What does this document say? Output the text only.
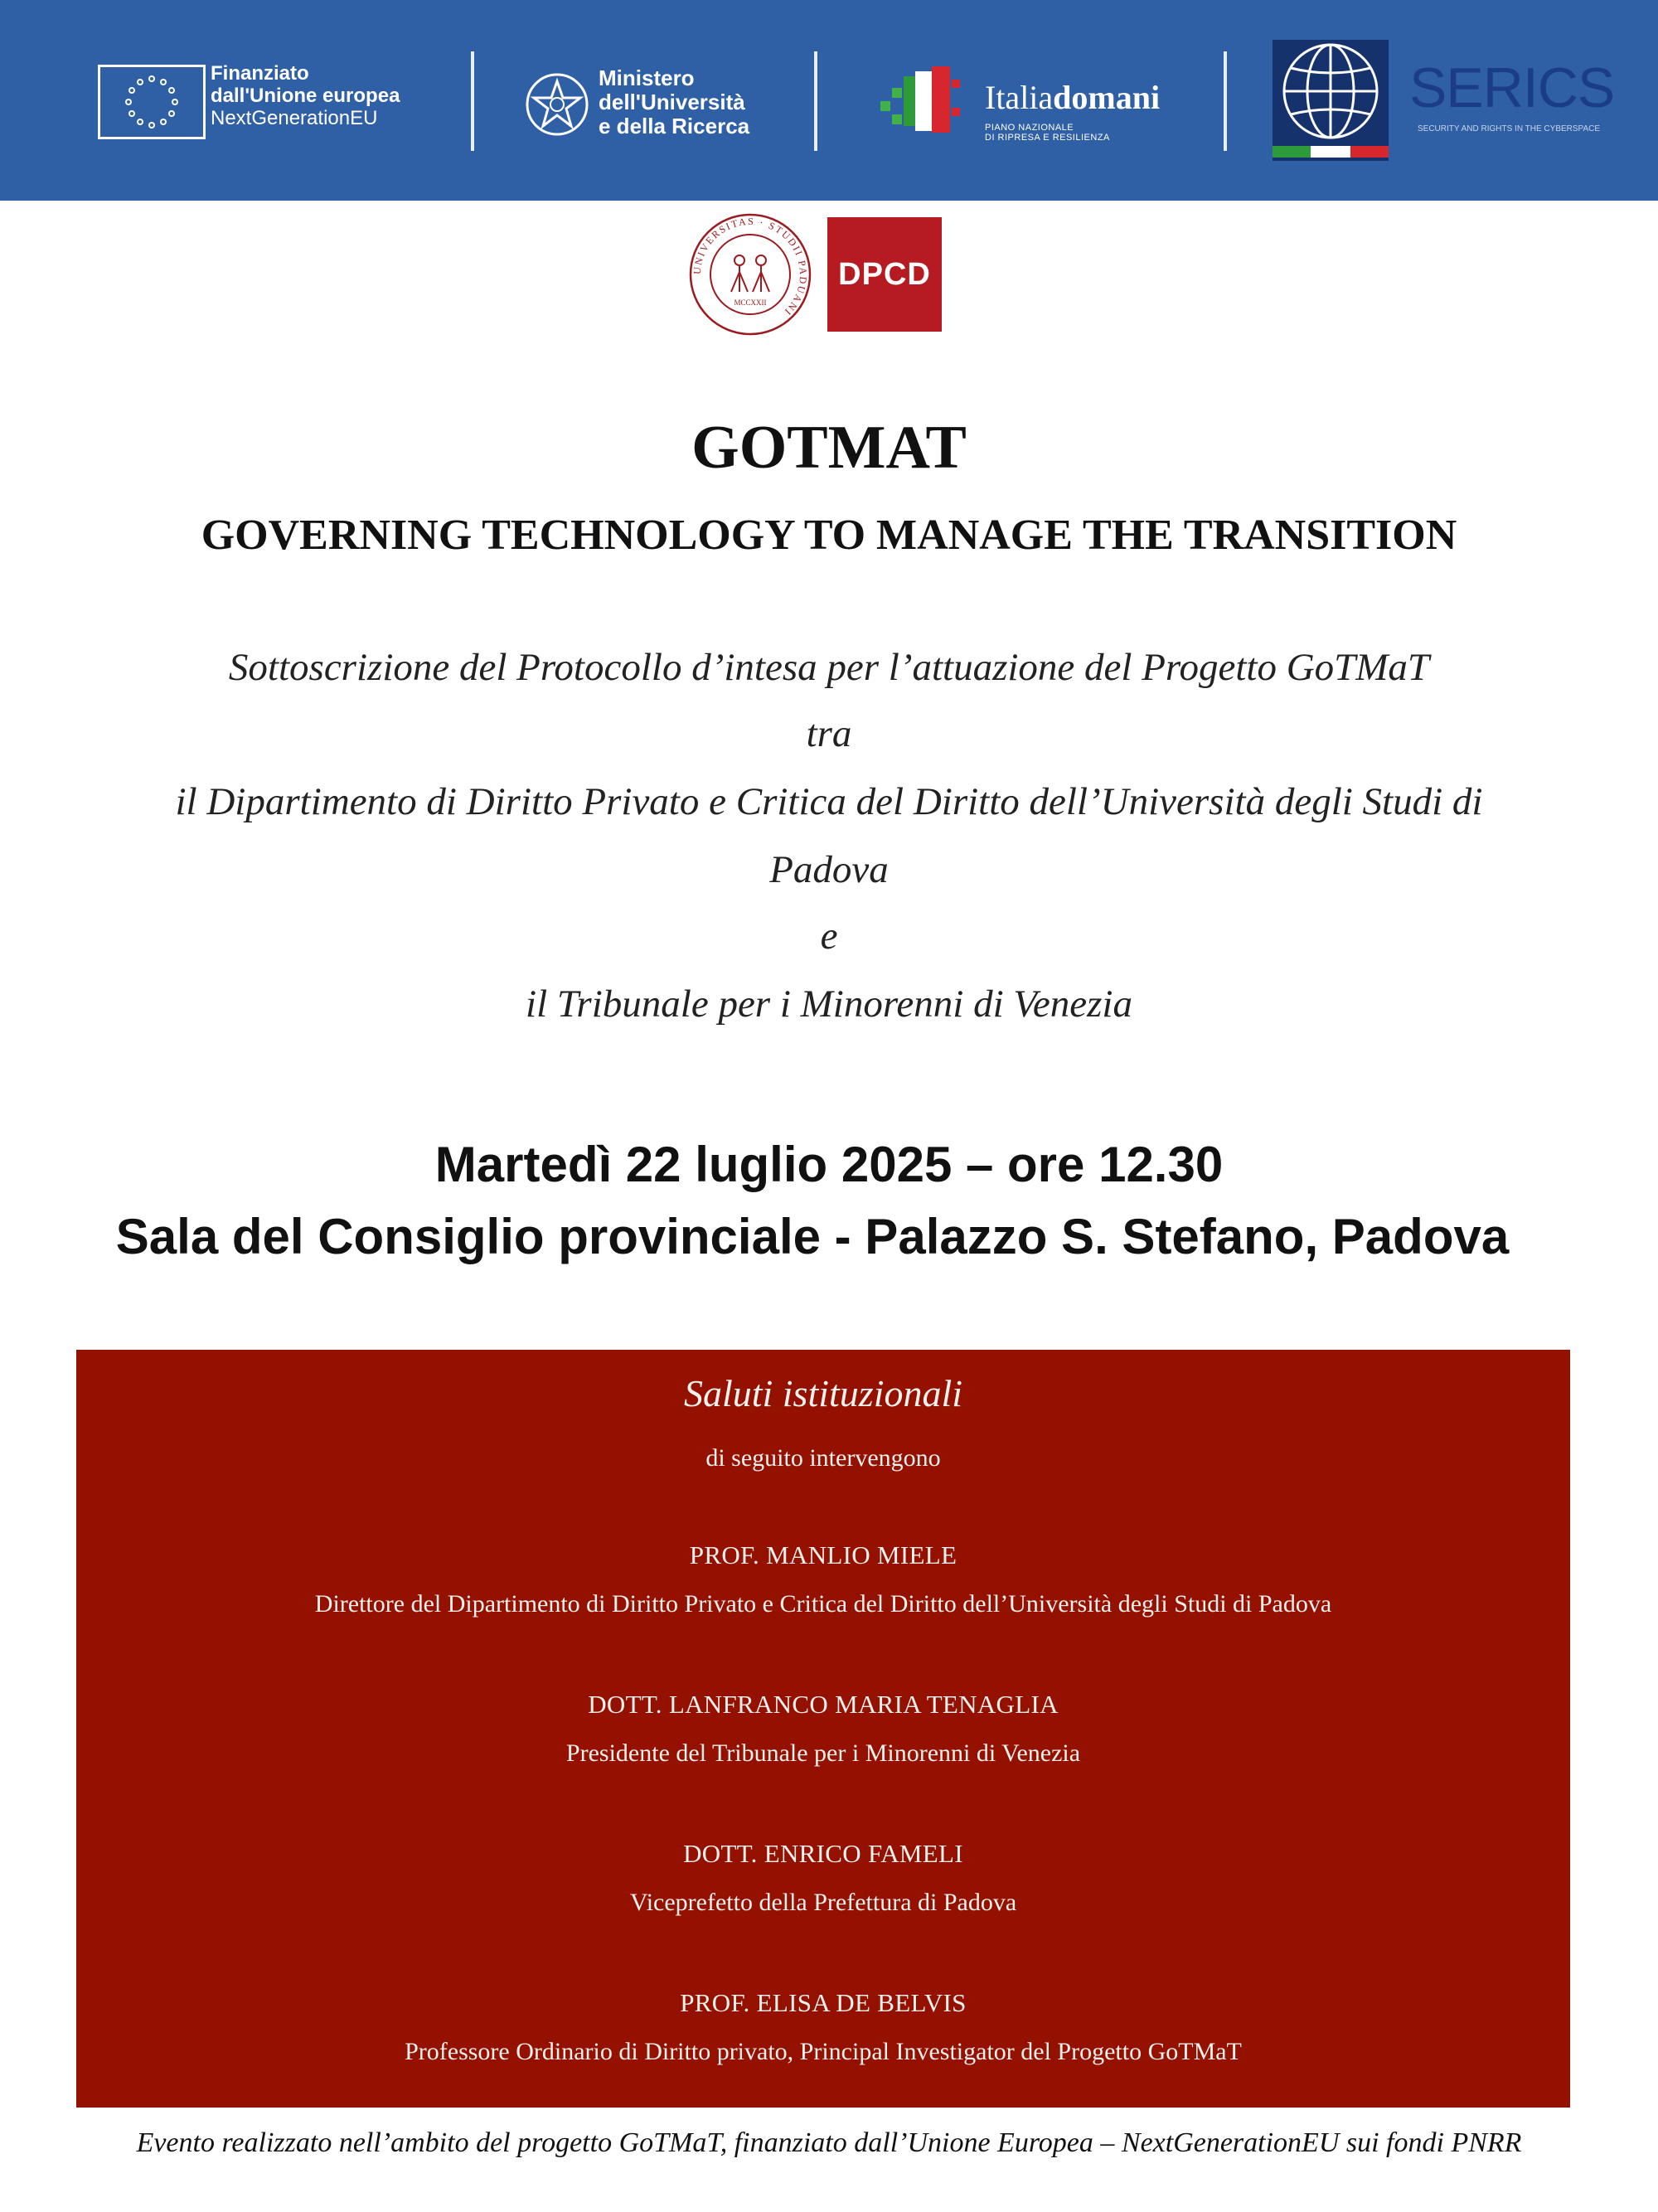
Finanziato
dall'Unione europea
NextGenerationEU
Ministero
dell'Università
e della Ricerca
Italiadomani
PIANO NAZIONALE
DI RIPRESA E RESILIENZA
SERICS
SECURITY AND RIGHTS IN THE CYBERSPACE
UNIVERSITAS · STUDII PADUANI
MCCXXII
DPCD
GOTMAT
GOVERNING TECHNOLOGY TO MANAGE THE TRANSITION
Sottoscrizione del Protocollo d’intesa per l’attuazione del Progetto GoTMaT
tra
il Dipartimento di Diritto Privato e Critica del Diritto dell’Università degli Studi di
Padova
e
il Tribunale per i Minorenni di Venezia
Martedì 22 luglio 2025 – ore 12.30
Sala del Consiglio provinciale - Palazzo S. Stefano, Padova
Saluti istituzionali
di seguito intervengono
PROF. MANLIO MIELE
Direttore del Dipartimento di Diritto Privato e Critica del Diritto dell’Università degli Studi di Padova
DOTT. LANFRANCO MARIA TENAGLIA
Presidente del Tribunale per i Minorenni di Venezia
DOTT. ENRICO FAMELI
Viceprefetto della Prefettura di Padova
PROF. ELISA DE BELVIS
Professore Ordinario di Diritto privato, Principal Investigator del Progetto GoTMaT
Evento realizzato nell’ambito del progetto GoTMaT, finanziato dall’Unione Europea – NextGenerationEU sui fondi PNRR
